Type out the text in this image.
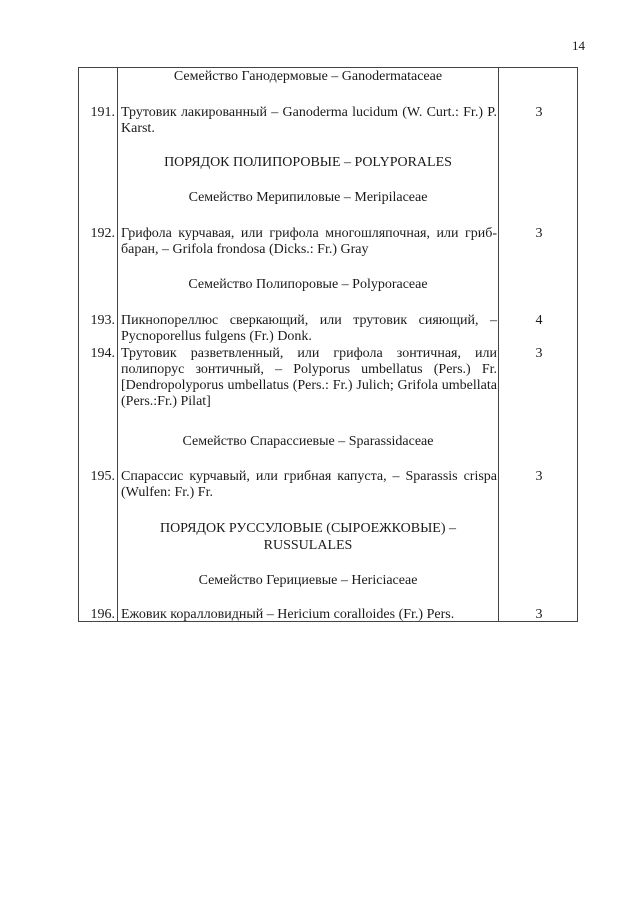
14
Семейство Ганодермовые – Ganodermataceae
191. Трутовик лакированный – Ganoderma lucidum (W. Curt.: Fr.) P. Karst.
3
ПОРЯДОК ПОЛИПОРОВЫЕ – POLYPORALES
Семейство Мерипиловые – Meripilaceae
192. Грифола курчавая, или грифола многошляпочная, или гриб-баран, – Grifola frondosa (Dicks.: Fr.) Gray
3
Семейство Полипоровые – Polyporaceae
193. Пикнопореллюс сверкающий, или трутовик сияющий, – Pycnoporellus fulgens (Fr.) Donk.
4
194. Трутовик разветвленный, или грифола зонтичная, или полипорус зонтичный, – Polyporus umbellatus (Pers.) Fr. [Dendropolyporus umbellatus (Pers.: Fr.) Julich; Grifola umbellata (Pers.:Fr.) Pilat]
3
Семейство Спарассиевые – Sparassidaceae
195. Спарассис курчавый, или грибная капуста, – Sparassis crispa (Wulfen: Fr.) Fr.
3
ПОРЯДОК РУССУЛОВЫЕ (СЫРОЕЖКОВЫЕ) –
RUSSULALES
Семейство Герициевые – Hericiaceae
196. Ежовик коралловидный – Hericium coralloides (Fr.) Pers.	3
